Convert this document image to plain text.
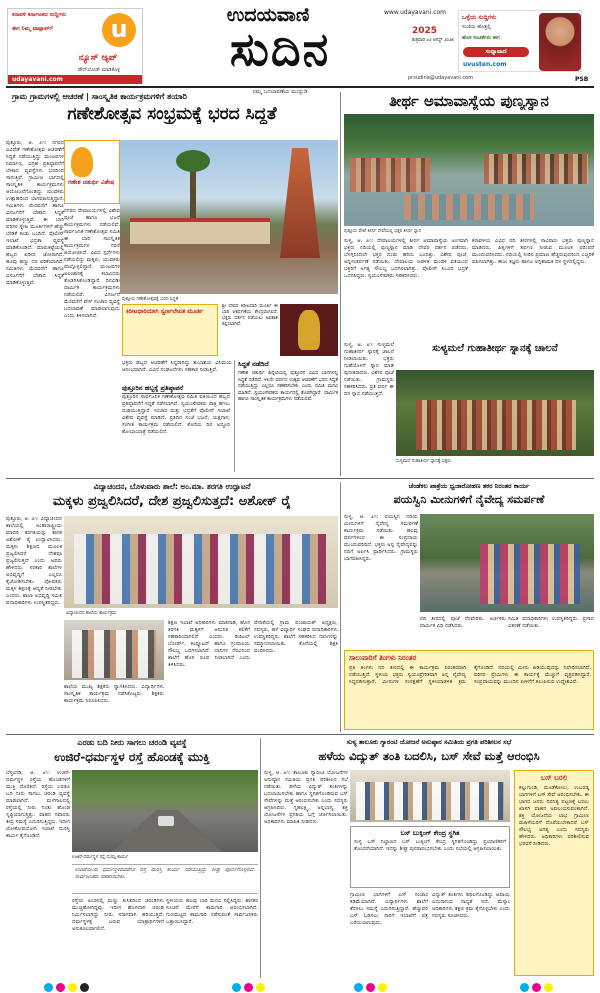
ಕರಾವಳಿ ಕರ್ನಾಟಕದ ಸುದ್ದಿಗಳು
ಈಗ ನಿಮ್ಮ ವಾಟ್ಸಾಪ್‌ಗೆ	u
ನ್ಯೂಸ್ ಆ್ಯಪ್
ಡೌನ್‌ಲೋಡ್ ಮಾಡಿಕೊಳ್ಳಿ
udayavani.com
ಉದಯವಾಣಿ	www.udayavani.com
ಸುದಿನ	2025
ಶುಕ್ರವಾರ ೨೨ ಆಗಸ್ಟ್ ೨೦೨೫
prsudina@udayavani.com	PSB
ಒಳ್ಳೆಯ ಸುದ್ದಿಗಳು
ಸಂಜೆಯ ಹೊತ್ತಲ್ಲಿ
ಹೊಸ ಸಂಚಿಕೆಗಳು ಈಗ
ಸಂಧ್ಯಾವಾಣಿ
uvusten.com
ನಮ್ಮ ಬದಲಾವಣೆಯ ಮುನ್ನುಡಿ
ಗ್ರಾಮ ಗ್ರಾಮಗಳಲ್ಲಿ ಆಚರಣೆ | ಸಾಂಸ್ಕೃತಿಕ ಕಾರ್ಯಕ್ರಮಗಳಿಗೆ ತಯಾರಿ
ಗಣೇಶೋತ್ಸವ ಸಂಭ್ರಮಕ್ಕೆ ಭರದ ಸಿದ್ಧತೆ
ಪುತ್ತೂರು, ಆ. ೨೧: ನಗರದ ವಿವಿಧೆಡೆ ಗಣೇಶೋತ್ಸವ ಆಚರಣೆಗೆ ಸಿದ್ಧತೆ ನಡೆಯುತ್ತಿದ್ದು ಮಂಟಪಗಳ ನಿರ್ಮಾಣ, ವಿಗ್ರಹ ಪ್ರತಿಷ್ಠಾಪನೆಗೆ ಬೇಕಾದ ವ್ಯವಸ್ಥೆಗಳು ಭರದಿಂದ ಸಾಗುತ್ತಿವೆ. ಗ್ರಾಮೀಣ ಭಾಗದಲ್ಲಿ ಸಾಂಸ್ಕೃತಿಕ ಕಾರ್ಯಕ್ರಮಗಳು ಆಯೋಜನೆಗೊಂಡಿದ್ದು ಯುವಕರು ಉತ್ಸಾಹದಿಂದ ಭಾಗವಹಿಸುತ್ತಿದ್ದಾರೆ. ಸಮಿತಿಗಳು ಮೆರವಣಿಗೆ ಹಾಗೂ ವಿಸರ್ಜನೆಗೆ ಬೇಕಾದ ಸಿದ್ಧತೆ ಮಾಡಿಕೊಳ್ಳುತ್ತಿವೆ. ಈ ಬಾರಿ ಪರಿಸರ ಸ್ನೇಹಿ ಮೂರ್ತಿಗಳಿಗೆ ಹೆಚ್ಚು ಬೇಡಿಕೆ ಕಂಡು ಬಂದಿದೆ. ಪೊಲೀಸ್ ಇಲಾಖೆ ಭದ್ರತಾ ವ್ಯವಸ್ಥೆ ಮಾಡಿಕೊಂಡಿದೆ. ಮಾರುಕಟ್ಟೆಯಲ್ಲಿ ಹಬ್ಬದ ಖರೀದಿ ಜೋರಾಗಿದೆ. ಹೂವು ಹಣ್ಣು ದರ ಏರಿಕೆಯಾಗಿದೆ. ಸಮಿತಿಗಳು ಮೆರವಣಿಗೆ ಹಾಗೂ ವಿಸರ್ಜನೆಗೆ ಬೇಕಾದ ಸಿದ್ಧತೆ ಮಾಡಿಕೊಳ್ಳುತ್ತಿವೆ.
ಗಣೇಶ ಚತುರ್ಥಿ ವಿಶೇಷ
ಪುತ್ತೂರು ಗಣೇಶೋತ್ಸವಕ್ಕೆ ಭರದ ಸಿದ್ಧತೆ
ನಗರದ ದೇವಾಲಯಗಳಲ್ಲಿ ವಿಶೇಷ ಪೂಜೆ ಹಾಗೂ ಭಜನೆ ಕಾರ್ಯಕ್ರಮಗಳು ನಡೆಯಲಿವೆ. ಸಾರ್ವಜನಿಕ ಗಣೇಶೋತ್ಸವ ಸಮಿತಿ ಈ ಬಾರಿ ಸಾಂಸ್ಕೃತಿಕ ಕಾರ್ಯಕ್ರಮಗಳ ಸರಣಿ ಆಯೋಜಿಸಿದೆ. ವಿವಿಧ ಸ್ಪರ್ಧೆಗಳು ನಡೆಯಲಿದ್ದು ಮಕ್ಕಳು, ಯುವಕರು ಪಾಲ್ಗೊಳ್ಳಲಿದ್ದಾರೆ. ಮಂಟಪಗಳ ಅಲಂಕಾರಕ್ಕೆ ಕಲಾವಿದರು ತೊಡಗಿಸಿಕೊಂಡಿದ್ದಾರೆ. ದಿನವಿಡೀ ಧಾರ್ಮಿಕ ಕಾರ್ಯಕ್ರಮಗಳು ನಡೆಯಲಿವೆ. ವಿಸರ್ಜನೆ ಮೆರವಣಿಗೆ ವೇಳೆ ಸಂಚಾರ ವ್ಯವಸ್ಥೆ ಬದಲಾವಣೆ ಮಾಡಲಾಗುವುದು ಎಂದು ತಿಳಿಸಲಾಗಿದೆ.
ಕಿರೀಟಧಾರಿಯಾಗಿ ಸ್ವರ್ಣಲೇಪಿತ ಮೂರ್ತಿ
ಶ್ರೀ ದೇವರ ಕಿರೀಟಧಾರಿ ಮೂರ್ತಿ ಈ ಬಾರಿ ಆಕರ್ಷಣೆಯ ಕೇಂದ್ರವಾಗಲಿದೆ. ಭಕ್ತರು ದರ್ಶನ ಪಡೆಯಲು ಅವಕಾಶ ಕಲ್ಪಿಸಲಾಗಿದೆ.
ಭಕ್ತರು ಹಬ್ಬದ ಆಚರಣೆಗೆ ಸಿದ್ಧರಾಗಿದ್ದು ಶುಭಾಶಯ ವಿನಿಮಯ ಆರಂಭವಾಗಿದೆ. ವಿವಿಧ ಸಂಘಟನೆಗಳು ಸಹಕಾರ ನೀಡುತ್ತಿವೆ.
ಪುತ್ತೂರಿನ ಹಬ್ಬಕ್ಕೆ ಪ್ರತಿಷ್ಠಾಪನೆ
ಪುತ್ತೂರಿನ ಸಾರ್ವಜನಿಕ ಗಣೇಶೋತ್ಸವ ಸಮಿತಿ ವತಿಯಿಂದ ಹಬ್ಬದ ಪ್ರತಿಷ್ಠಾಪನೆಗೆ ಸಿದ್ಧತೆ ನಡೆಸಲಾಗಿದೆ. ಸ್ವಯಂಸೇವಕರು ರಾತ್ರಿ ಹಗಲು ದುಡಿಯುತ್ತಿದ್ದಾರೆ. ಸಂಚಾರ ಮತ್ತು ಭದ್ರತೆಗೆ ಪೊಲೀಸ್ ಇಲಾಖೆ ವಿಶೇಷ ವ್ಯವಸ್ಥೆ ಮಾಡಿದೆ. ಪ್ರತಿದಿನ ಸಂಜೆ ಭಜನೆ, ಯಕ್ಷಗಾನ, ಸಂಗೀತ ಕಾರ್ಯಕ್ರಮ ನಡೆಯಲಿದೆ. ಕೊನೆಯ ದಿನ ಅದ್ದೂರಿ ಶೋಭಾಯಾತ್ರೆ ನಡೆಯಲಿದೆ.
ಸಿದ್ಧತೆ ನಡೆದಿದೆ
ಗಣೇಶ ಚತುರ್ಥಿ ಹಿನ್ನೆಲೆಯಲ್ಲಿ ಪುತ್ತೂರಿನ ವಿವಿಧ ಭಾಗಗಳಲ್ಲಿ ಸಿದ್ಧತೆ ನಡೆದಿದೆ. ೪೩ನೇ ವರ್ಷದ ಉತ್ಸವ ಆಚರಣೆಗೆ ಭರದ ಸಿದ್ಧತೆ ನಡೆಯುತ್ತಿದ್ದು ಎಲ್ಲರೂ ಸಹಕರಿಸಬೇಕು ಎಂದು ಸಮಿತಿ ಮನವಿ ಮಾಡಿದೆ. ಸ್ವಯಂಸೇವಕರು ಕಾರ್ಯದಲ್ಲಿ ತೊಡಗಿದ್ದಾರೆ. ಧಾರ್ಮಿಕ ಹಾಗೂ ಸಾಂಸ್ಕೃತಿಕ ಕಾರ್ಯಕ್ರಮಗಳು ನಡೆಯಲಿವೆ.
ತೀರ್ಥ ಅಮಾವಾಸ್ಯೆಯ ಪುಣ್ಯಸ್ನಾನ
ಪುತ್ತೂರು ಪೇಟೆ ತೀರ್ಥ ಸೇವೆಯಲ್ಲಿ ಭಕ್ತರ ತೀರ್ಥ ಸ್ನಾನ
ಸುಳ್ಯ, ಆ. ೨೧: ದೇವಾಲಯಗಳಲ್ಲಿ ತೀರ್ಥ ಅಮಾವಾಸ್ಯೆಯ ಅಂಗವಾಗಿ ಭಕ್ತರು ನದಿಯಲ್ಲಿ ಪುಣ್ಯಸ್ನಾನ ಮಾಡಿ ದೇವರ ದರ್ಶನ ಪಡೆದರು. ಬೆಳಗ್ಗಿನಿಂದಲೇ ಭಕ್ತರ ದಂಡು ಹರಿದು ಬಂದಿತ್ತು. ವಿಶೇಷ ಪೂಜೆ, ಅನ್ನಸಂತರ್ಪಣೆ ನಡೆಯಿತು. ದೇವಾಲಯ ಆಡಳಿತ ಮಂಡಳಿ ವತಿಯಿಂದ ಭಕ್ತರಿಗೆ ಅಗತ್ಯ ಸೌಲಭ್ಯ ಒದಗಿಸಲಾಗಿತ್ತು. ಪೊಲೀಸ್ ಸಿಬಂದಿ ಭದ್ರತೆ ಒದಗಿಸಿದ್ದರು. ಸ್ವಯಂಸೇವಕರು ಸಹಕರಿಸಿದರು.
ಕರಾವಳಿಯ ವಿವಿಧ ನದಿ ತೀರಗಳಲ್ಲಿ ಸಾವಿರಾರು ಭಕ್ತರು ಪುಣ್ಯಸ್ನಾನ ಮಾಡಿದರು. ಪಿತೃಗಳಿಗೆ ತರ್ಪಣ ನೀಡುವ ಮೂಲಕ ಪರಂಪರೆ ಮುಂದುವರಿಸಿದರು. ನದಿಯಲ್ಲಿ ನೀರಿನ ಪ್ರಮಾಣ ಹೆಚ್ಚಿರುವುದರಿಂದ ಎಚ್ಚರಿಕೆ ವಹಿಸಲಾಗಿತ್ತು. ಈಜು ತಜ್ಞರು ಹಾಗೂ ಅಗ್ನಿಶಾಮಕ ದಳ ಸ್ಥಳದಲ್ಲಿದ್ದರು.
ಸುಳ್ಯಮಲೆ ಗುಹಾತೀರ್ಥ ಸ್ನಾನಕ್ಕೆ ಚಾಲನೆ
ಸುಳ್ಯ, ಆ. ೨೧: ಸುಳ್ಯಮಲೆ ಗುಹಾತೀರ್ಥ ಸ್ನಾನಕ್ಕೆ ಚಾಲನೆ ನೀಡಲಾಯಿತು. ಭಕ್ತರು ಗುಹೆಯೊಳಗೆ ಸ್ನಾನ ಮಾಡಿ ಪುನೀತರಾದರು. ವಿಶೇಷ ಪೂಜೆ ನಡೆಯಿತು. ಗ್ರಾಮಸ್ಥರು ಸಹಕರಿಸಿದರು. ಪ್ರತಿ ವರ್ಷ ಈ ದಿನ ಸ್ನಾನ ನಡೆಯುತ್ತದೆ.
ಸುಳ್ಯಮಲೆ ಗುಹಾತೀರ್ಥ ಸ್ನಾನಕ್ಕೆ ಭಕ್ತರು
ವಿದ್ಯಾಚಂದನ, ಬೊಳುವಾರು ಶಾಲೆ: ಅಂ.ಮಾ. ತರಗತಿ ಉದ್ಘಾಟನೆ
ಮಕ್ಕಳು ಪ್ರಜ್ವಲಿಸಿದರೆ, ದೇಶ ಪ್ರಜ್ವಲಿಸುತ್ತದೆ: ಅಶೋಕ್ ರೈ
ಪುತ್ತೂರು, ಆ. ೨೧: ವಿದ್ಯಾಚಂದನ ಶಾಲೆಯಲ್ಲಿ ಅಂತಾರಾಷ್ಟ್ರೀಯ ಮಾದರಿ ತರಗತಿಯನ್ನು ಶಾಸಕ ಅಶೋಕ್ ರೈ ಉದ್ಘಾಟಿಸಿದರು. ಮಕ್ಕಳು ಶಿಕ್ಷಣದ ಮೂಲಕ ಪ್ರಜ್ವಲಿಸಿದರೆ ದೇಶವೂ ಪ್ರಜ್ವಲಿಸುತ್ತದೆ ಎಂದು ಅವರು ಹೇಳಿದರು. ಸರಕಾರಿ ಶಾಲೆಗಳ ಅಭಿವೃದ್ಧಿಗೆ ಎಲ್ಲರೂ ಕೈಜೋಡಿಸಬೇಕು. ಪೋಷಕರು ಮಕ್ಕಳ ಶಿಕ್ಷಣಕ್ಕೆ ಆದ್ಯತೆ ನೀಡಬೇಕು ಎಂದರು. ಶಾಲಾ ಅಭಿವೃದ್ಧಿ ಸಮಿತಿ ಪದಾಧಿಕಾರಿಗಳು ಉಪಸ್ಥಿತರಿದ್ದರು.
ವಿದ್ಯಾಚಂದನ ಶಾಲೆಯ ಕಾರ್ಯಕ್ರಮ
ಶಾಲೆಯ ಮುಖ್ಯ ಶಿಕ್ಷಕರು ಸ್ವಾಗತಿಸಿದರು. ವಿದ್ಯಾರ್ಥಿಗಳು ಸಾಂಸ್ಕೃತಿಕ ಕಾರ್ಯಕ್ರಮ ನಡೆಸಿಕೊಟ್ಟರು. ಶಿಕ್ಷಕರು ಕಾರ್ಯಕ್ರಮ ನಿರೂಪಿಸಿದರು.
ಶಿಕ್ಷಣ ಇಲಾಖೆ ಅಧಿಕಾರಿಗಳು ಮಾತನಾಡಿ, ಹೊಸ ತರಗತಿ ಮಕ್ಕಳಿಗೆ ಆಧುನಿಕ ಕಲಿಕೆಗೆ ಸಹಕಾರಿಯಾಗಲಿದೆ ಎಂದರು. ಡಿಜಿಟಲ್ ಬೋರ್ಡ್, ಕಂಪ್ಯೂಟರ್ ಹಾಗೂ ಗ್ರಂಥಾಲಯ ಸೌಲಭ್ಯ ಒದಗಿಸಲಾಗಿದೆ. ದಾನಿಗಳ ನೆರವಿನಿಂದ ಶಾಲೆಗೆ ಹೊಸ ರೂಪ ನೀಡಲಾಗಿದೆ ಎಂದು ತಿಳಿಸಿದರು.
ವೇದಿಕೆಯಲ್ಲಿ ಗ್ರಾಮ ಪಂಚಾಯತ್ ಅಧ್ಯಕ್ಷರು, ಸದಸ್ಯರು, ಹಳೆ ವಿದ್ಯಾರ್ಥಿ ಸಂಘದ ಪದಾಧಿಕಾರಿಗಳು ಉಪಸ್ಥಿತರಿದ್ದರು. ಶಾಲೆಗೆ ಸಹಕರಿಸಿದ ದಾನಿಗಳನ್ನು ಸಮ್ಮಾನಿಸಲಾಯಿತು. ಕೊನೆಯಲ್ಲಿ ಶಿಕ್ಷಕಿ ವಂದಿಸಿದರು.
ಚೆಂಡೆಕಲ ಪಾತ್ರೆಯ ಧ್ವಜಾರೋಹಣ ತಕರ ನಿರಂತರ ಕಾರ್ಯ
ಪಯಸ್ವಿನಿ ಮೀನುಗಳಿಗೆ ನೈವೇದ್ಯ ಸಮರ್ಪಣೆ
ಸುಳ್ಯ, ಆ. ೨೧: ಪಯಸ್ವಿನಿ ನದಿಯ ಮೀನುಗಳಿಗೆ ನೈವೇದ್ಯ ಸಮರ್ಪಣೆ ಕಾರ್ಯಕ್ರಮ ನಡೆಯಿತು. ಹಲವು ವರ್ಷಗಳಿಂದ ಈ ಸಂಪ್ರದಾಯ ಮುಂದುವರಿದಿದೆ. ಭಕ್ತರು ಅನ್ನ ನೈವೇದ್ಯವನ್ನು ನದಿಗೆ ಅರ್ಪಿಸಿ ಪ್ರಾರ್ಥಿಸಿದರು. ಗ್ರಾಮಸ್ಥರು ಭಾಗವಹಿಸಿದ್ದರು.
ನದಿ ತೀರದಲ್ಲಿ ಪೂಜೆ ನೆರವೇರಿತು. ಅರ್ಚಕರು ಧಾರ್ಮಿಕ ವಿಧಿ ನಡೆಸಿದರು.
ಸಮಿತಿ ಪದಾಧಿಕಾರಿಗಳು ಉಪಸ್ಥಿತರಿದ್ದರು. ಪ್ರಸಾದ ವಿತರಣೆ ನಡೆಯಿತು.
ಸಾಲುಪಾರಿಗೆ ತಿಂಗಳು ನಿರಂತರ
ಪ್ರತಿ ತಿಂಗಳು ನದಿ ತೀರದಲ್ಲಿ ಈ ಕಾರ್ಯಕ್ರಮ ನಿರಂತರವಾಗಿ ನಡೆಯುತ್ತಿದೆ. ಸ್ಥಳೀಯ ಭಕ್ತರು ಸ್ವಯಂಪ್ರೇರಿತರಾಗಿ ಅನ್ನ ನೈವೇದ್ಯ ಸಿದ್ಧಪಡಿಸುತ್ತಾರೆ. ಮೀನುಗಳ ಸಂರಕ್ಷಣೆಗೆ ಸ್ಥಳೀಯಾಡಳಿತ ಕ್ರಮ ಕೈಗೊಂಡಿದೆ. ನದಿಯಲ್ಲಿ ಮೀನು ಹಿಡಿಯುವುದನ್ನು ನಿಷೇಧಿಸಲಾಗಿದೆ. ಪರಿಸರ ಪ್ರೇಮಿಗಳು ಈ ಕಾರ್ಯಕ್ಕೆ ಮೆಚ್ಚುಗೆ ವ್ಯಕ್ತಪಡಿಸಿದ್ದಾರೆ. ಸಂಪ್ರದಾಯವನ್ನು ಮುಂದಿನ ಪೀಳಿಗೆಗೆ ತಲುಪಿಸುವ ಉದ್ದೇಶವಿದೆ.
ಎರಡು ಬದಿ ನೀರು ಸಾಗಲು ಚರಂಡಿ ವ್ಯವಸ್ಥೆ
ಉಜಿರೆ-ಧರ್ಮಸ್ಥಳ ರಸ್ತೆ ಹೊಂಡಕ್ಕೆ ಮುಕ್ತಿ
ಬೆಳ್ತಂಗಡಿ, ಆ. ೨೧: ಉಜಿರೆ-ಧರ್ಮಸ್ಥಳ ರಸ್ತೆಯ ಹೊಂಡಗಳಿಗೆ ಮುಕ್ತಿ ದೊರೆತಿದೆ. ರಸ್ತೆಯ ಎರಡೂ ಬದಿ ನೀರು ಸಾಗಲು ಚರಂಡಿ ವ್ಯವಸ್ಥೆ ಮಾಡಲಾಗಿದೆ. ಮಳೆಗಾಲದಲ್ಲಿ ರಸ್ತೆಯಲ್ಲಿ ನೀರು ನಿಂತು ಹೊಂಡ ಸೃಷ್ಟಿಯಾಗುತ್ತಿತ್ತು. ವಾಹನ ಸವಾರರು ತೀವ್ರ ಸಮಸ್ಯೆ ಎದುರಿಸುತ್ತಿದ್ದರು. ಇದೀಗ ಲೋಕೋಪಯೋಗಿ ಇಲಾಖೆ ದುರಸ್ತಿ ಕಾರ್ಯ ಕೈಗೊಂಡಿದೆ.
ಉಜಿರೆ-ಧರ್ಮಸ್ಥಳ ರಸ್ತೆ ದುರಸ್ತಿ ಕಾರ್ಯ
ಉಜಿರೆಯಿಂದ ಧರ್ಮಸ್ಥಳದವರೆಗಿನ ರಸ್ತೆ ದುರಸ್ತಿ ಕಾರ್ಯ ನಡೆಯುತ್ತಿದ್ದು ಶೀಘ್ರ ಪೂರ್ಣಗೊಳ್ಳಲಿದೆ. ಸಾರ್ವಜನಿಕರು ಸಹಕರಿಸಬೇಕು.
ರಸ್ತೆಯ ಅಂಚಿನಲ್ಲಿ ಮಣ್ಣು ಕುಸಿತದಿಂದ ಚರಂಡಿಗಳು ಮುಚ್ಚಿಹೋಗಿದ್ದವು. ಇದೀಗ ಹೊಸದಾಗಿ ಚರಂಡಿ ನಿರ್ಮಿಸಲಾಗಿದ್ದು ನೀರು ಸರಾಗವಾಗಿ ಹರಿಯುತ್ತಿದೆ. ಧರ್ಮಸ್ಥಳಕ್ಕೆ ಬರುವ ಯಾತ್ರಾರ್ಥಿಗಳಿಗೆ ಅನುಕೂಲವಾಗಲಿದೆ.
ಸ್ಥಳೀಯರು ಹಲವು ಬಾರಿ ಮನವಿ ಸಲ್ಲಿಸಿದ್ದರು. ಶಾಸಕರ ಸೂಚನೆ ಮೇರೆಗೆ ಕಾಮಗಾರಿ ಆರಂಭಿಸಲಾಗಿದೆ. ಗುಣಮಟ್ಟದ ಕಾಮಗಾರಿ ನಡೆಸುವಂತೆ ಸಾರ್ವಜನಿಕರು ಒತ್ತಾಯಿಸಿದ್ದಾರೆ.
ಸುಳ್ಯ ತಾಲೂಕು ಗ್ಯಾರಂಟಿ ಯೋಜನೆ ಅನುಷ್ಠಾನ ಸಮಿತಿಯ ಪ್ರಗತಿ ಪರಿಶೀಲನ ಸಭೆ
ಹಳೆಯ ವಿದ್ಯುತ್ ತಂತಿ ಬದಲಿಸಿ, ಬಸ್ ಸೇವೆ ಮತ್ತೆ ಆರಂಭಿಸಿ
ಸುಳ್ಯ, ಆ. ೨೧: ತಾಲೂಕು ಗ್ಯಾರಂಟಿ ಯೋಜನೆಗಳ ಅನುಷ್ಠಾನ ಸಮಿತಿಯ ಪ್ರಗತಿ ಪರಿಶೀಲನ ಸಭೆ ನಡೆಯಿತು. ಹಳೆಯ ವಿದ್ಯುತ್ ತಂತಿಗಳನ್ನು ಬದಲಾಯಿಸಬೇಕು ಹಾಗೂ ಸ್ಥಗಿತಗೊಂಡಿರುವ ಬಸ್ ಸೇವೆಗಳನ್ನು ಮತ್ತೆ ಆರಂಭಿಸಬೇಕು ಎಂದು ಸದಸ್ಯರು ಆಗ್ರಹಿಸಿದರು. ಗೃಹಲಕ್ಷ್ಮಿ, ಅನ್ನಭಾಗ್ಯ, ಶಕ್ತಿ ಯೋಜನೆಗಳ ಪ್ರಗತಿಯ ಬಗ್ಗೆ ಚರ್ಚಿಸಲಾಯಿತು. ಅಧಿಕಾರಿಗಳು ಮಾಹಿತಿ ನೀಡಿದರು.
ಬಸ್ ಬುಕ್ಕಿಂಗ್ ಕೇಂದ್ರ ಸ್ಥಗಿತ
ಸುಳ್ಯ ಬಸ್ ನಿಲ್ದಾಣದ ಬಸ್ ಬುಕ್ಕಿಂಗ್ ಕೇಂದ್ರ ಸ್ಥಗಿತಗೊಂಡಿದ್ದು ಪ್ರಯಾಣಿಕರಿಗೆ ತೊಂದರೆಯಾಗಿದೆ. ಇದನ್ನು ಶೀಘ್ರ ಪುನರಾರಂಭಿಸಬೇಕು ಎಂದು ಸಭೆಯಲ್ಲಿ ಆಗ್ರಹಿಸಲಾಯಿತು.
ಗ್ರಾಮೀಣ ಭಾಗಗಳಿಗೆ ಬಸ್ ಸಂಚಾರ ಕಡಿಮೆಯಾಗಿದೆ. ವಿದ್ಯಾರ್ಥಿಗಳು ಶಾಲೆಗೆ ತೆರಳಲು ಸಮಸ್ಯೆ ಎದುರಿಸುತ್ತಿದ್ದಾರೆ. ಹೆಚ್ಚುವರಿ ಬಸ್ ಓಡಿಸಲು ಸಾರಿಗೆ ಇಲಾಖೆಗೆ ಪತ್ರ ಬರೆಯಲಾಗುವುದು.
ವಿದ್ಯುತ್ ತಂತಿಗಳು ಶಿಥಿಲಗೊಂಡಿದ್ದು ಅಪಾಯ ಎದುರಾಗುವ ಸಾಧ್ಯತೆ ಇದೆ. ಮೆಸ್ಕಾಂ ಅಧಿಕಾರಿಗಳು ತಕ್ಷಣ ಕ್ರಮ ಕೈಗೊಳ್ಳಬೇಕು ಎಂದು ಸದಸ್ಯರು ಸೂಚಿಸಿದರು.
ಬಸ್ ಬರಲಿ
ಕಲ್ಲುಗುಂಡಿ, ಮಂಡೆಕೋಲು, ಉಬರಡ್ಕ ಭಾಗಗಳಿಗೆ ಬಸ್ ಸೇವೆ ಆರಂಭಿಸಬೇಕು. ಈ ಭಾಗದ ಜನರು ದಿನನಿತ್ಯ ಪಟ್ಟಣಕ್ಕೆ ಬರಲು ಖಾಸಗಿ ವಾಹನ ಅವಲಂಬಿಸುವಂತಾಗಿದೆ. ಶಕ್ತಿ ಯೋಜನೆಯ ಲಾಭ ಗ್ರಾಮೀಣ ಮಹಿಳೆಯರಿಗೆ ದೊರೆಯಬೇಕಾದರೆ ಬಸ್ ಸೌಲಭ್ಯ ಅಗತ್ಯ ಎಂದು ಸದಸ್ಯರು ಹೇಳಿದರು. ಅಧಿಕಾರಿಗಳು ಪರಿಶೀಲಿಸುವ ಭರವಸೆ ನೀಡಿದರು.
